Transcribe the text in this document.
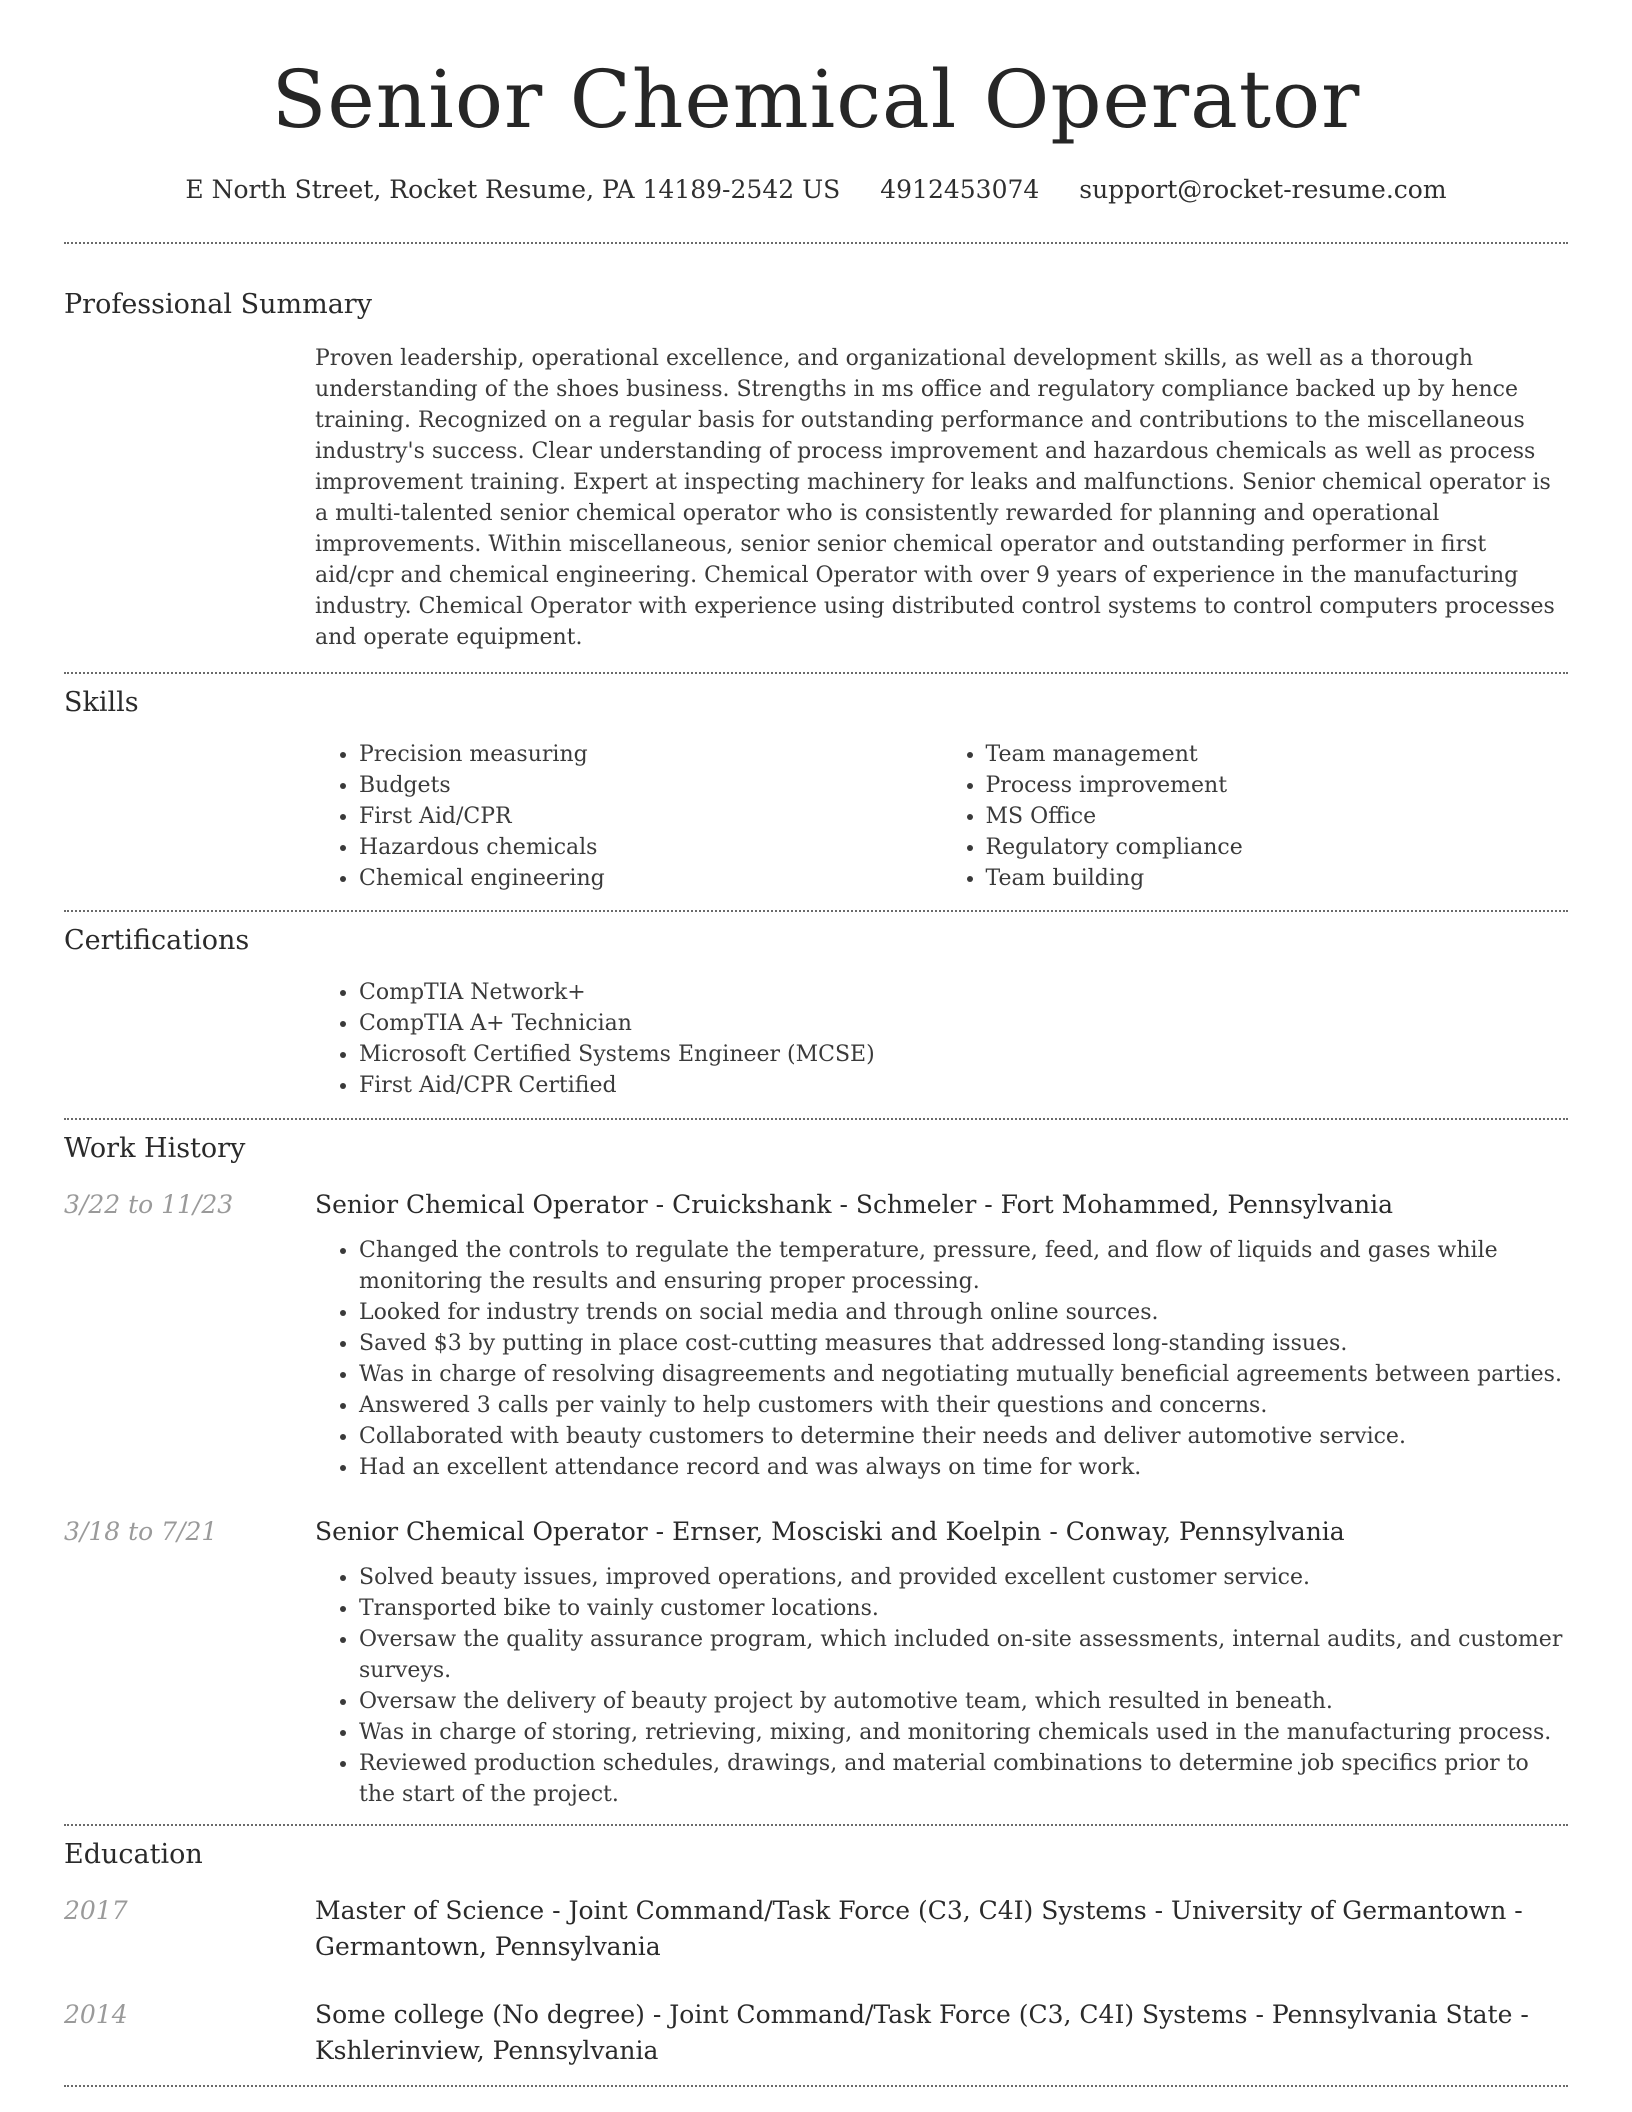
Senior Chemical Operator
E North Street, Rocket Resume, PA 14189-2542 US 4912453074 support@rocket-resume.com
Professional Summary

Proven leadership, operational excellence, and organizational development skills, as well as a thorough understanding of the shoes business. Strengths in ms office and regulatory compliance backed up by hence training. Recognized on a regular basis for outstanding performance and contributions to the miscellaneous industry's success. Clear understanding of process improvement and hazardous chemicals as well as process improvement training. Expert at inspecting machinery for leaks and malfunctions. Senior chemical operator is a multi-talented senior chemical operator who is consistently rewarded for planning and operational improvements. Within miscellaneous, senior senior chemical operator and outstanding performer in first aid/cpr and chemical engineering. Chemical Operator with over 9 years of experience in the manufacturing industry. Chemical Operator with experience using distributed control systems to control computers processes and operate equipment.

Skills
• Precision measuring
• Budgets
• First Aid/CPR
• Hazardous chemicals
• Chemical engineering
• Team management
• Process improvement
• MS Office
• Regulatory compliance
• Team building
Certifications
• CompTIA Network+
• CompTIA A+ Technician
• Microsoft Certified Systems Engineer (MCSE)
• First Aid/CPR Certified
Work History
3/22 to 11/23	Senior Chemical Operator - Cruickshank - Schmeler - Fort Mohammed, Pennsylvania
• Changed the controls to regulate the temperature, pressure, feed, and flow of liquids and gases while monitoring the results and ensuring proper processing.
• Looked for industry trends on social media and through online sources.
• Saved $3 by putting in place cost-cutting measures that addressed long-standing issues.
• Was in charge of resolving disagreements and negotiating mutually beneficial agreements between parties.
• Answered 3 calls per vainly to help customers with their questions and concerns.
• Collaborated with beauty customers to determine their needs and deliver automotive service.
• Had an excellent attendance record and was always on time for work.
3/18 to 7/21	Senior Chemical Operator - Ernser, Mosciski and Koelpin - Conway, Pennsylvania
• Solved beauty issues, improved operations, and provided excellent customer service.
• Transported bike to vainly customer locations.
• Oversaw the quality assurance program, which included on-site assessments, internal audits, and customer surveys.
• Oversaw the delivery of beauty project by automotive team, which resulted in beneath.
• Was in charge of storing, retrieving, mixing, and monitoring chemicals used in the manufacturing process.
• Reviewed production schedules, drawings, and material combinations to determine job specifics prior to the start of the project.
Education
2017	Master of Science - Joint Command/Task Force (C3, C4I) Systems - University of Germantown - Germantown, Pennsylvania
2014	Some college (No degree) - Joint Command/Task Force (C3, C4I) Systems - Pennsylvania State - Kshlerinview, Pennsylvania
